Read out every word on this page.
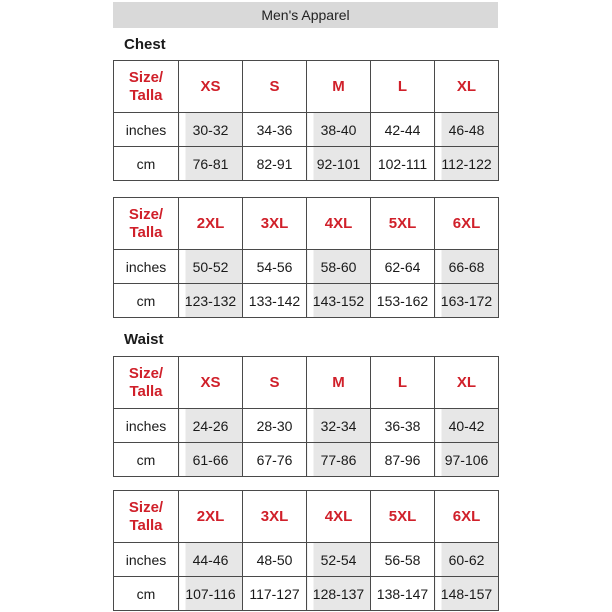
Men's Apparel
Chest
Size/
Talla	XS	S	M	L	XL
inches	30-32	34-36	38-40	42-44	46-48
cm	76-81	82-91	92-101	102-111	112-122
Size/
Talla	2XL	3XL	4XL	5XL	6XL
inches	50-52	54-56	58-60	62-64	66-68
cm	123-132	133-142	143-152	153-162	163-172
Waist
Size/
Talla	XS	S	M	L	XL
inches	24-26	28-30	32-34	36-38	40-42
cm	61-66	67-76	77-86	87-96	97-106
Size/
Talla	2XL	3XL	4XL	5XL	6XL
inches	44-46	48-50	52-54	56-58	60-62
cm	107-116	117-127	128-137	138-147	148-157
